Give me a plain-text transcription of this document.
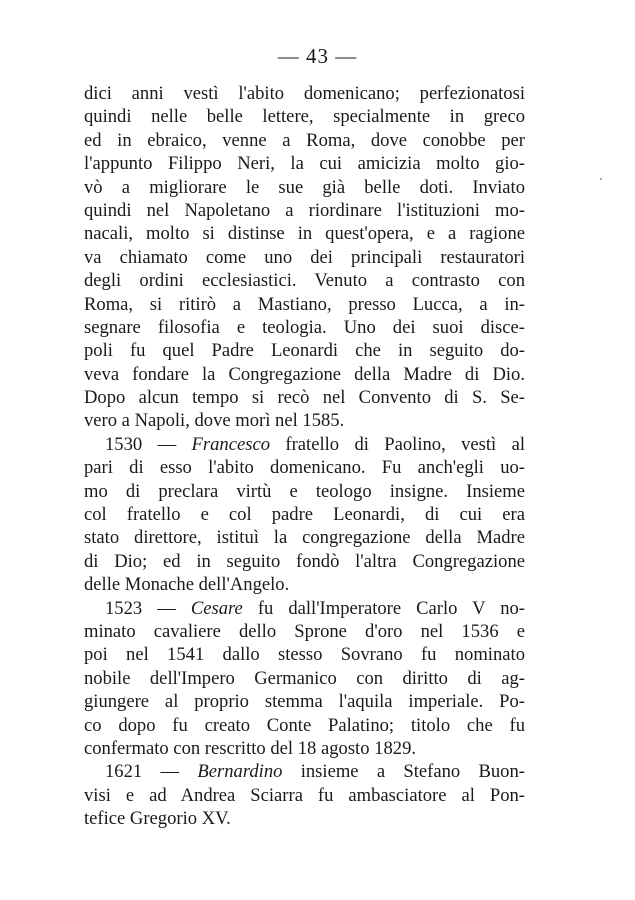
— 43 —
dici anni vestì l'abito domenicano; perfezionatosi
quindi nelle belle lettere, specialmente in greco
ed in ebraico, venne a Roma, dove conobbe per
l'appunto Filippo Neri, la cui amicizia molto gio-
vò a migliorare le sue già belle doti. Inviato
quindi nel Napoletano a riordinare l'istituzioni mo-
nacali, molto si distinse in quest'opera, e a ragione
va chiamato come uno dei principali restauratori
degli ordini ecclesiastici. Venuto a contrasto con
Roma, si ritirò a Mastiano, presso Lucca, a in-
segnare filosofia e teologia. Uno dei suoi disce-
poli fu quel Padre Leonardi che in seguito do-
veva fondare la Congregazione della Madre di Dio.
Dopo alcun tempo si recò nel Convento di S. Se-
vero a Napoli, dove morì nel 1585.
1530 — Francesco fratello di Paolino, vestì al
pari di esso l'abito domenicano. Fu anch'egli uo-
mo di preclara virtù e teologo insigne. Insieme
col fratello e col padre Leonardi, di cui era
stato direttore, istituì la congregazione della Madre
di Dio; ed in seguito fondò l'altra Congregazione
delle Monache dell'Angelo.
1523 — Cesare fu dall'Imperatore Carlo V no-
minato cavaliere dello Sprone d'oro nel 1536 e
poi nel 1541 dallo stesso Sovrano fu nominato
nobile dell'Impero Germanico con diritto di ag-
giungere al proprio stemma l'aquila imperiale. Po-
co dopo fu creato Conte Palatino; titolo che fu
confermato con rescritto del 18 agosto 1829.
1621 — Bernardino insieme a Stefano Buon-
visi e ad Andrea Sciarra fu ambasciatore al Pon-
tefice Gregorio XV.
